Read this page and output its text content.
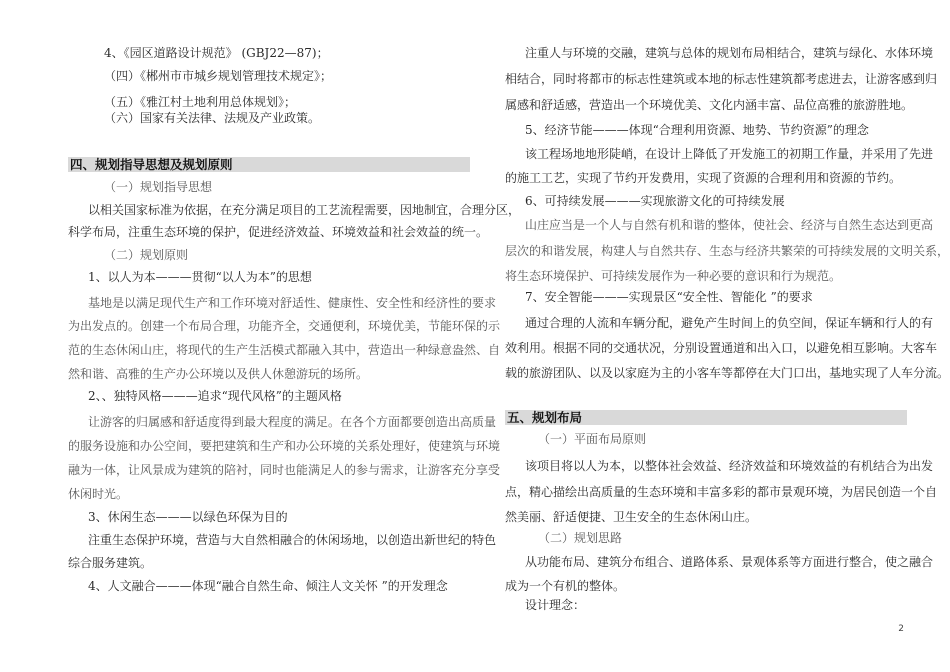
4、《园区道路设计规范》 (GBJ22—87)；
（四）《郴州市市城乡规划管理技术规定》；
（五）《雅江村土地利用总体规划》；
（六）国家有关法律、法规及产业政策。
四、规划指导思想及规划原则
（一）规划指导思想
以相关国家标准为依据，在充分满足项目的工艺流程需要，因地制宜，合理分区，
科学布局，注重生态环境的保护，促进经济效益、环境效益和社会效益的统一。
（二）规划原则
1、以人为本———贯彻“以人为本”的思想
基地是以满足现代生产和工作环境对舒适性、健康性、安全性和经济性的要求
为出发点的。创建一个布局合理，功能齐全，交通便利，环境优美，节能环保的示
范的生态休闲山庄，将现代的生产生活模式都融入其中，营造出一种绿意盎然、自
然和谐、高雅的生产办公环境以及供人休憩游玩的场所。
2、、独特风格———追求“现代风格”的主题风格
让游客的归属感和舒适度得到最大程度的满足。在各个方面都要创造出高质量
的服务设施和办公空间，要把建筑和生产和办公环境的关系处理好，使建筑与环境
融为一体，让风景成为建筑的陪衬，同时也能满足人的参与需求，让游客充分享受
休闲时光。
3、休闲生态———以绿色环保为目的
注重生态保护环境，营造与大自然相融合的休闲场地，以创造出新世纪的特色
综合服务建筑。
4、人文融合———体现“融合自然生命、倾注人文关怀 ”的开发理念
注重人与环境的交融，建筑与总体的规划布局相结合，建筑与绿化、水体环境
相结合，同时将都市的标志性建筑或本地的标志性建筑都考虑进去，让游客感到归
属感和舒适感，营造出一个环境优美、文化内涵丰富、品位高雅的旅游胜地。
5、经济节能———体现“合理利用资源、地势、节约资源”的理念
该工程场地地形陡峭，在设计上降低了开发施工的初期工作量，并采用了先进
的施工工艺，实现了节约开发费用，实现了资源的合理利用和资源的节约。
6、可持续发展———实现旅游文化的可持续发展
山庄应当是一个人与自然有机和谐的整体，使社会、经济与自然生态达到更高
层次的和谐发展，构建人与自然共存、生态与经济共繁荣的可持续发展的文明关系，
将生态环境保护、可持续发展作为一种必要的意识和行为规范。
7、安全智能———实现景区“安全性、智能化 ”的要求
通过合理的人流和车辆分配，避免产生时间上的负空间，保证车辆和行人的有
效利用。根据不同的交通状况，分别设置通道和出入口，以避免相互影响。大客车
载的旅游团队、以及以家庭为主的小客车等都停在大门口出，基地实现了人车分流。
五、规划布局
（一）平面布局原则
该项目将以人为本，以整体社会效益、经济效益和环境效益的有机结合为出发
点，精心描绘出高质量的生态环境和丰富多彩的都市景观环境，为居民创造一个自
然美丽、舒适便捷、卫生安全的生态休闲山庄。
（二）规划思路
从功能布局、建筑分布组合、道路体系、景观体系等方面进行整合，使之融合
成为一个有机的整体。
设计理念：
2
